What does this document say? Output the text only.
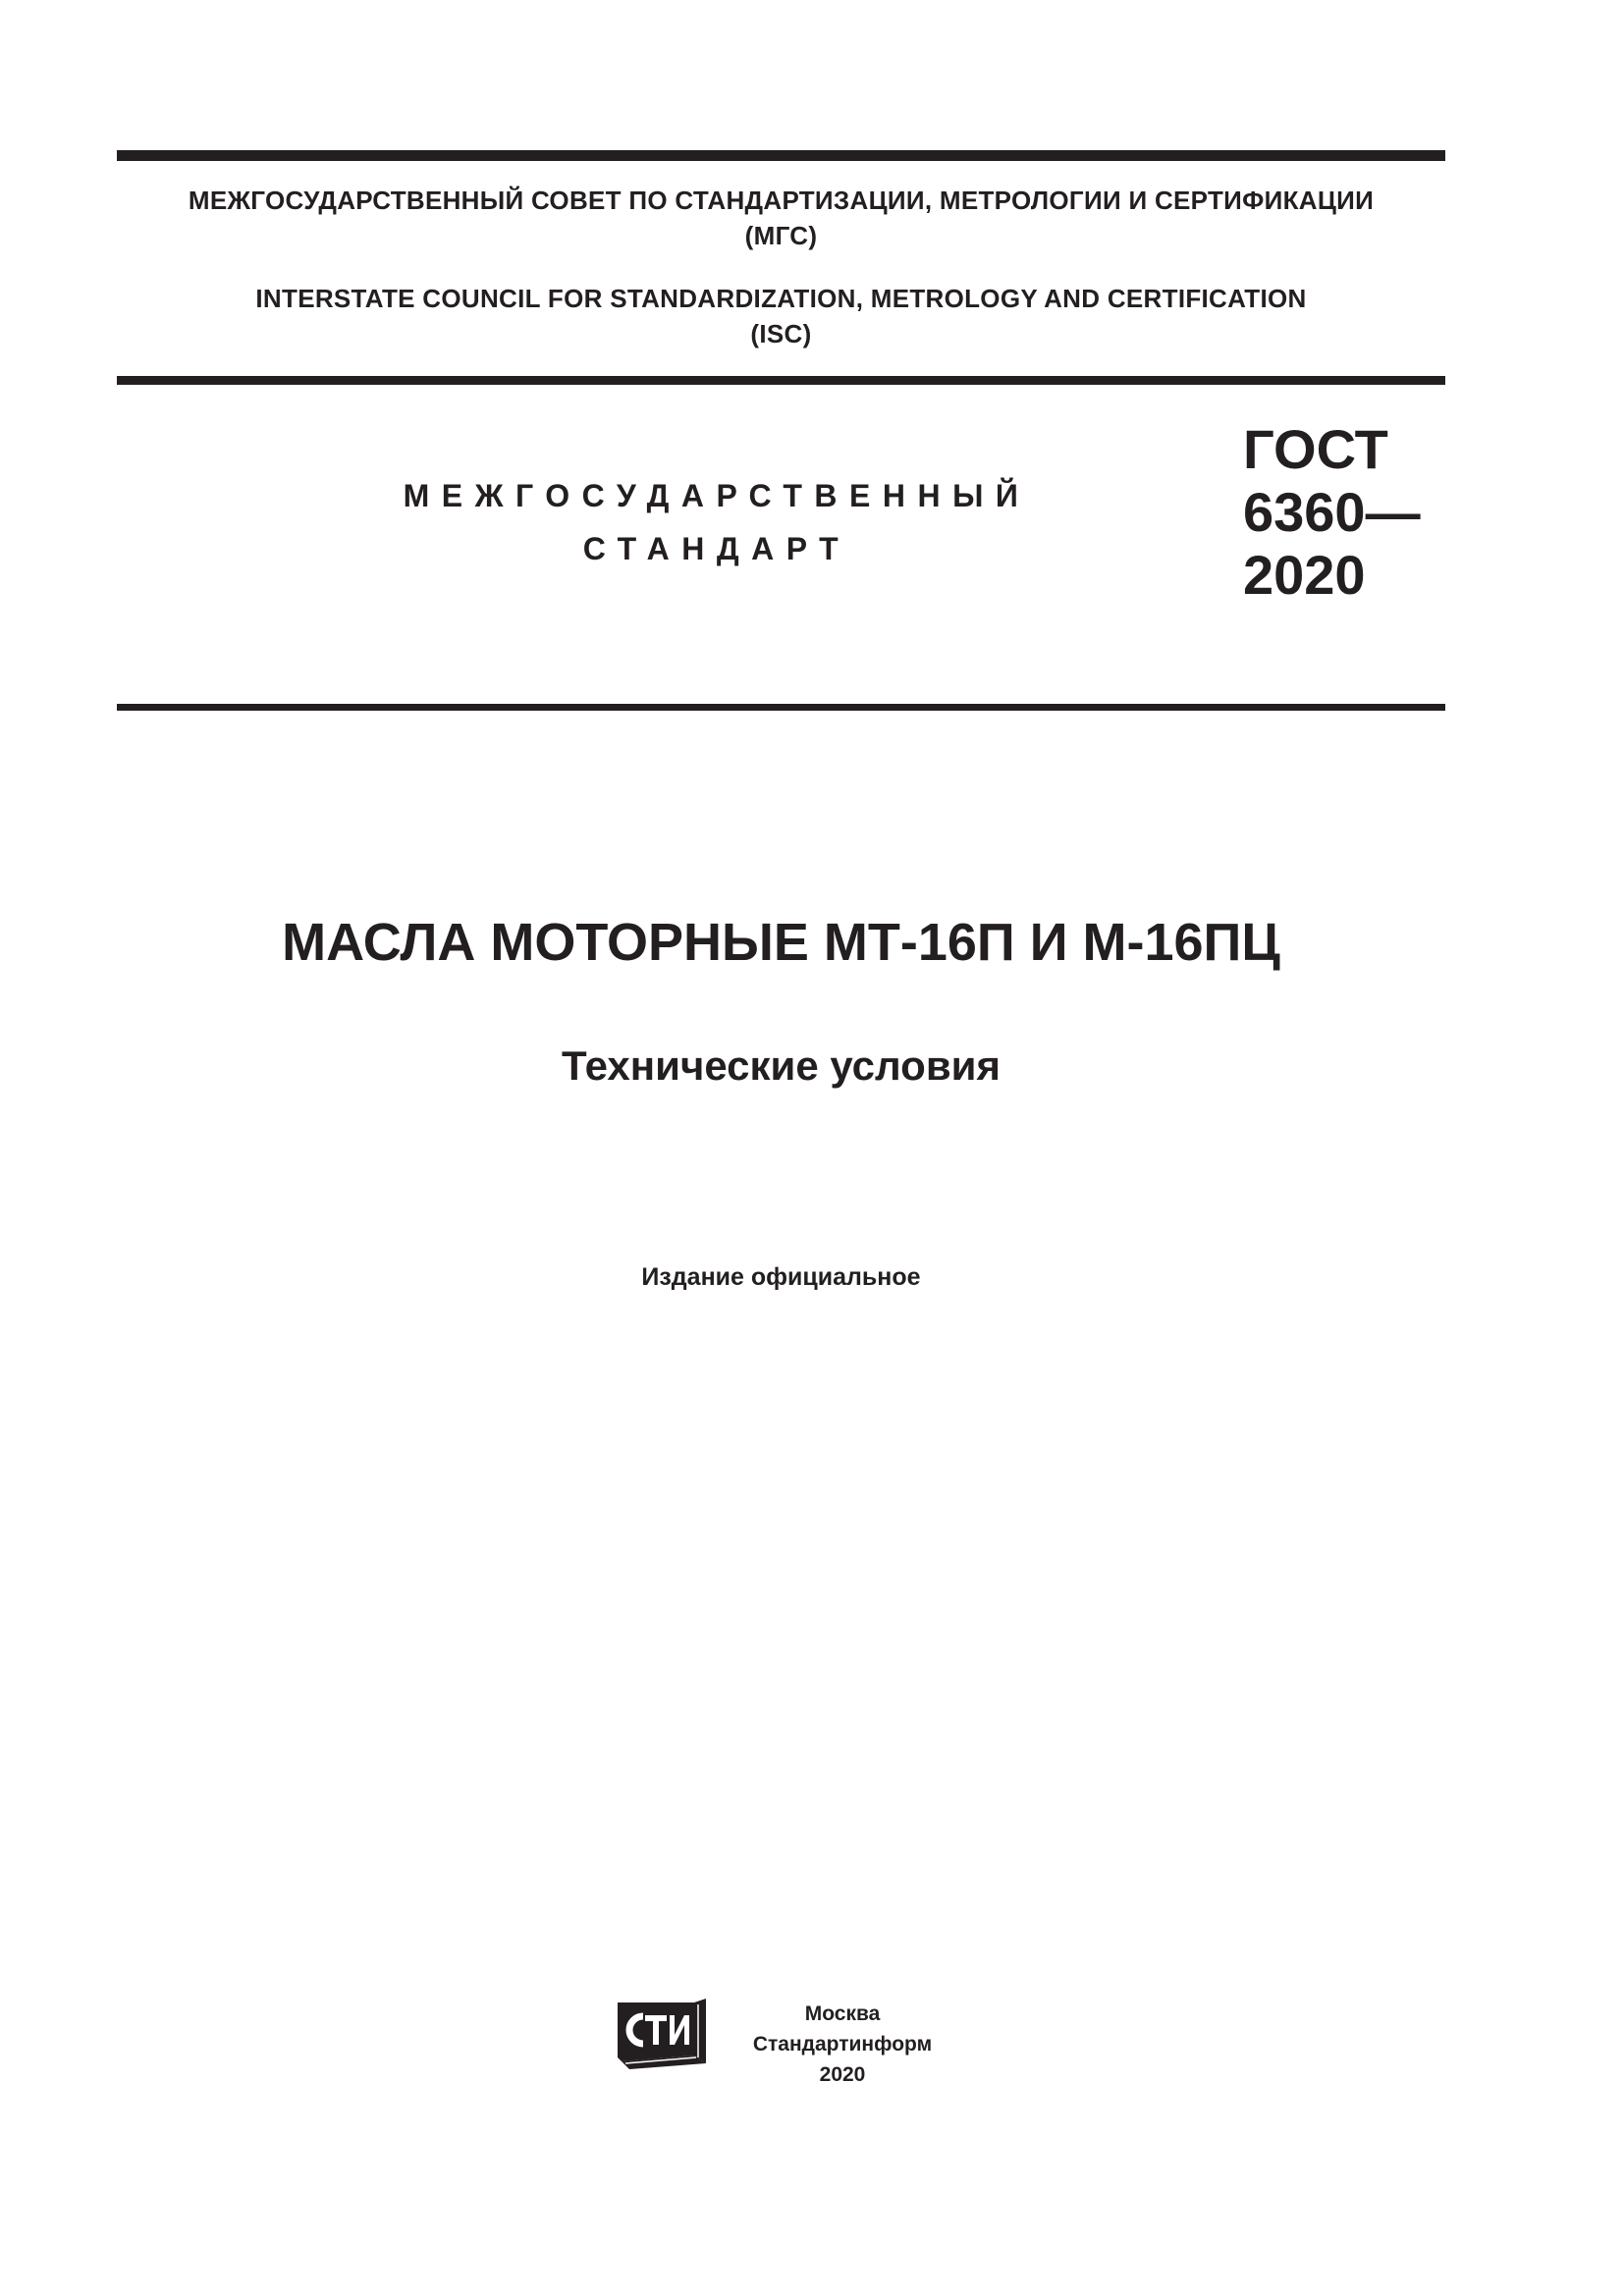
МЕЖГОСУДАРСТВЕННЫЙ СОВЕТ ПО СТАНДАРТИЗАЦИИ, МЕТРОЛОГИИ И СЕРТИФИКАЦИИ
(МГС)
INTERSTATE COUNCIL FOR STANDARDIZATION, METROLOGY AND CERTIFICATION
(ISC)
МЕЖГОСУДАРСТВЕННЫЙ
СТАНДАРТ
ГОСТ
6360—
2020
МАСЛА МОТОРНЫЕ МТ-16П И М-16ПЦ
Технические условия
Издание официальное
Москва
Стандартинформ
2020
